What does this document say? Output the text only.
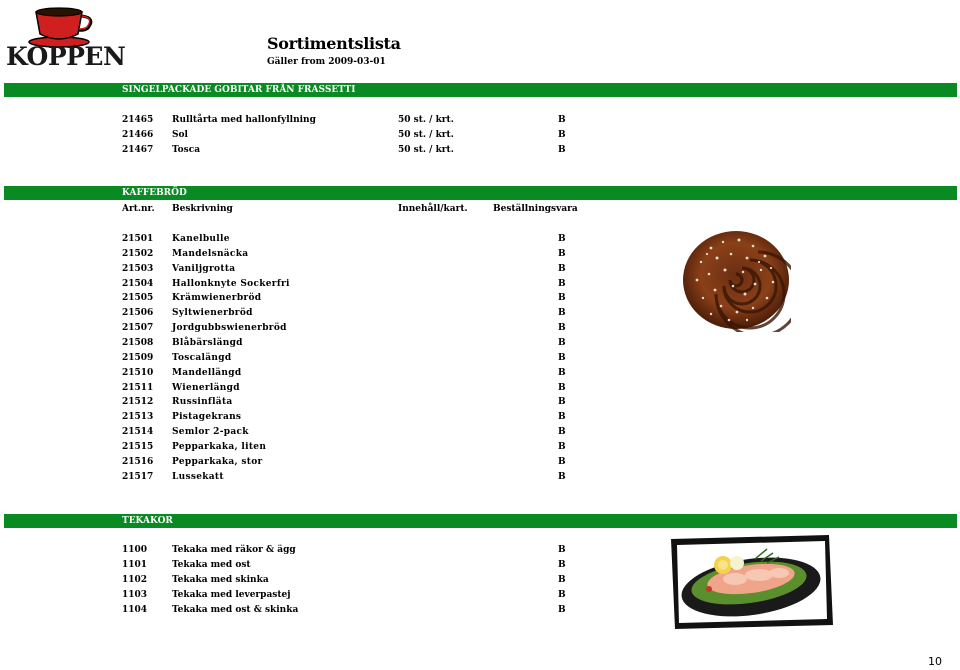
KOPPEN	Sortimentslista
Gäller from 2009-03-01
SINGELPACKADE GOBITAR FRÅN FRASSETTI
21465 Rulltårta med hallonfyllning	50 st. / krt.	B
21466 Sol	50 st. / krt.	B
21467 Tosca	50 st. / krt.	B
KAFFEBRÖD
Art.nr. Beskrivning	Innehåll/kart.	Beställningsvara
21501 Kanelbulle	B
21502 Mandelsnäcka	B
21503 Vaniljgrotta	B
21504 Hallonknyte Sockerfri	B
21505 Krämwienerbröd	B
21506 Syltwienerbröd	B
21507 Jordgubbswienerbröd	B
21508 Blåbärslängd	B
21509 Toscalängd	B
21510 Mandellängd	B
21511 Wienerlängd	B
21512 Russinfläta	B
21513 Pistagekrans	B
21514 Semlor 2-pack	B
21515 Pepparkaka, liten	B
21516 Pepparkaka, stor	B
21517 Lussekatt	B
TEKAKOR
1100	Tekaka med räkor & ägg	B
1101	Tekaka med ost	B
1102	Tekaka med skinka	B
1103	Tekaka med leverpastej	B
1104	Tekaka med ost & skinka	B
10
